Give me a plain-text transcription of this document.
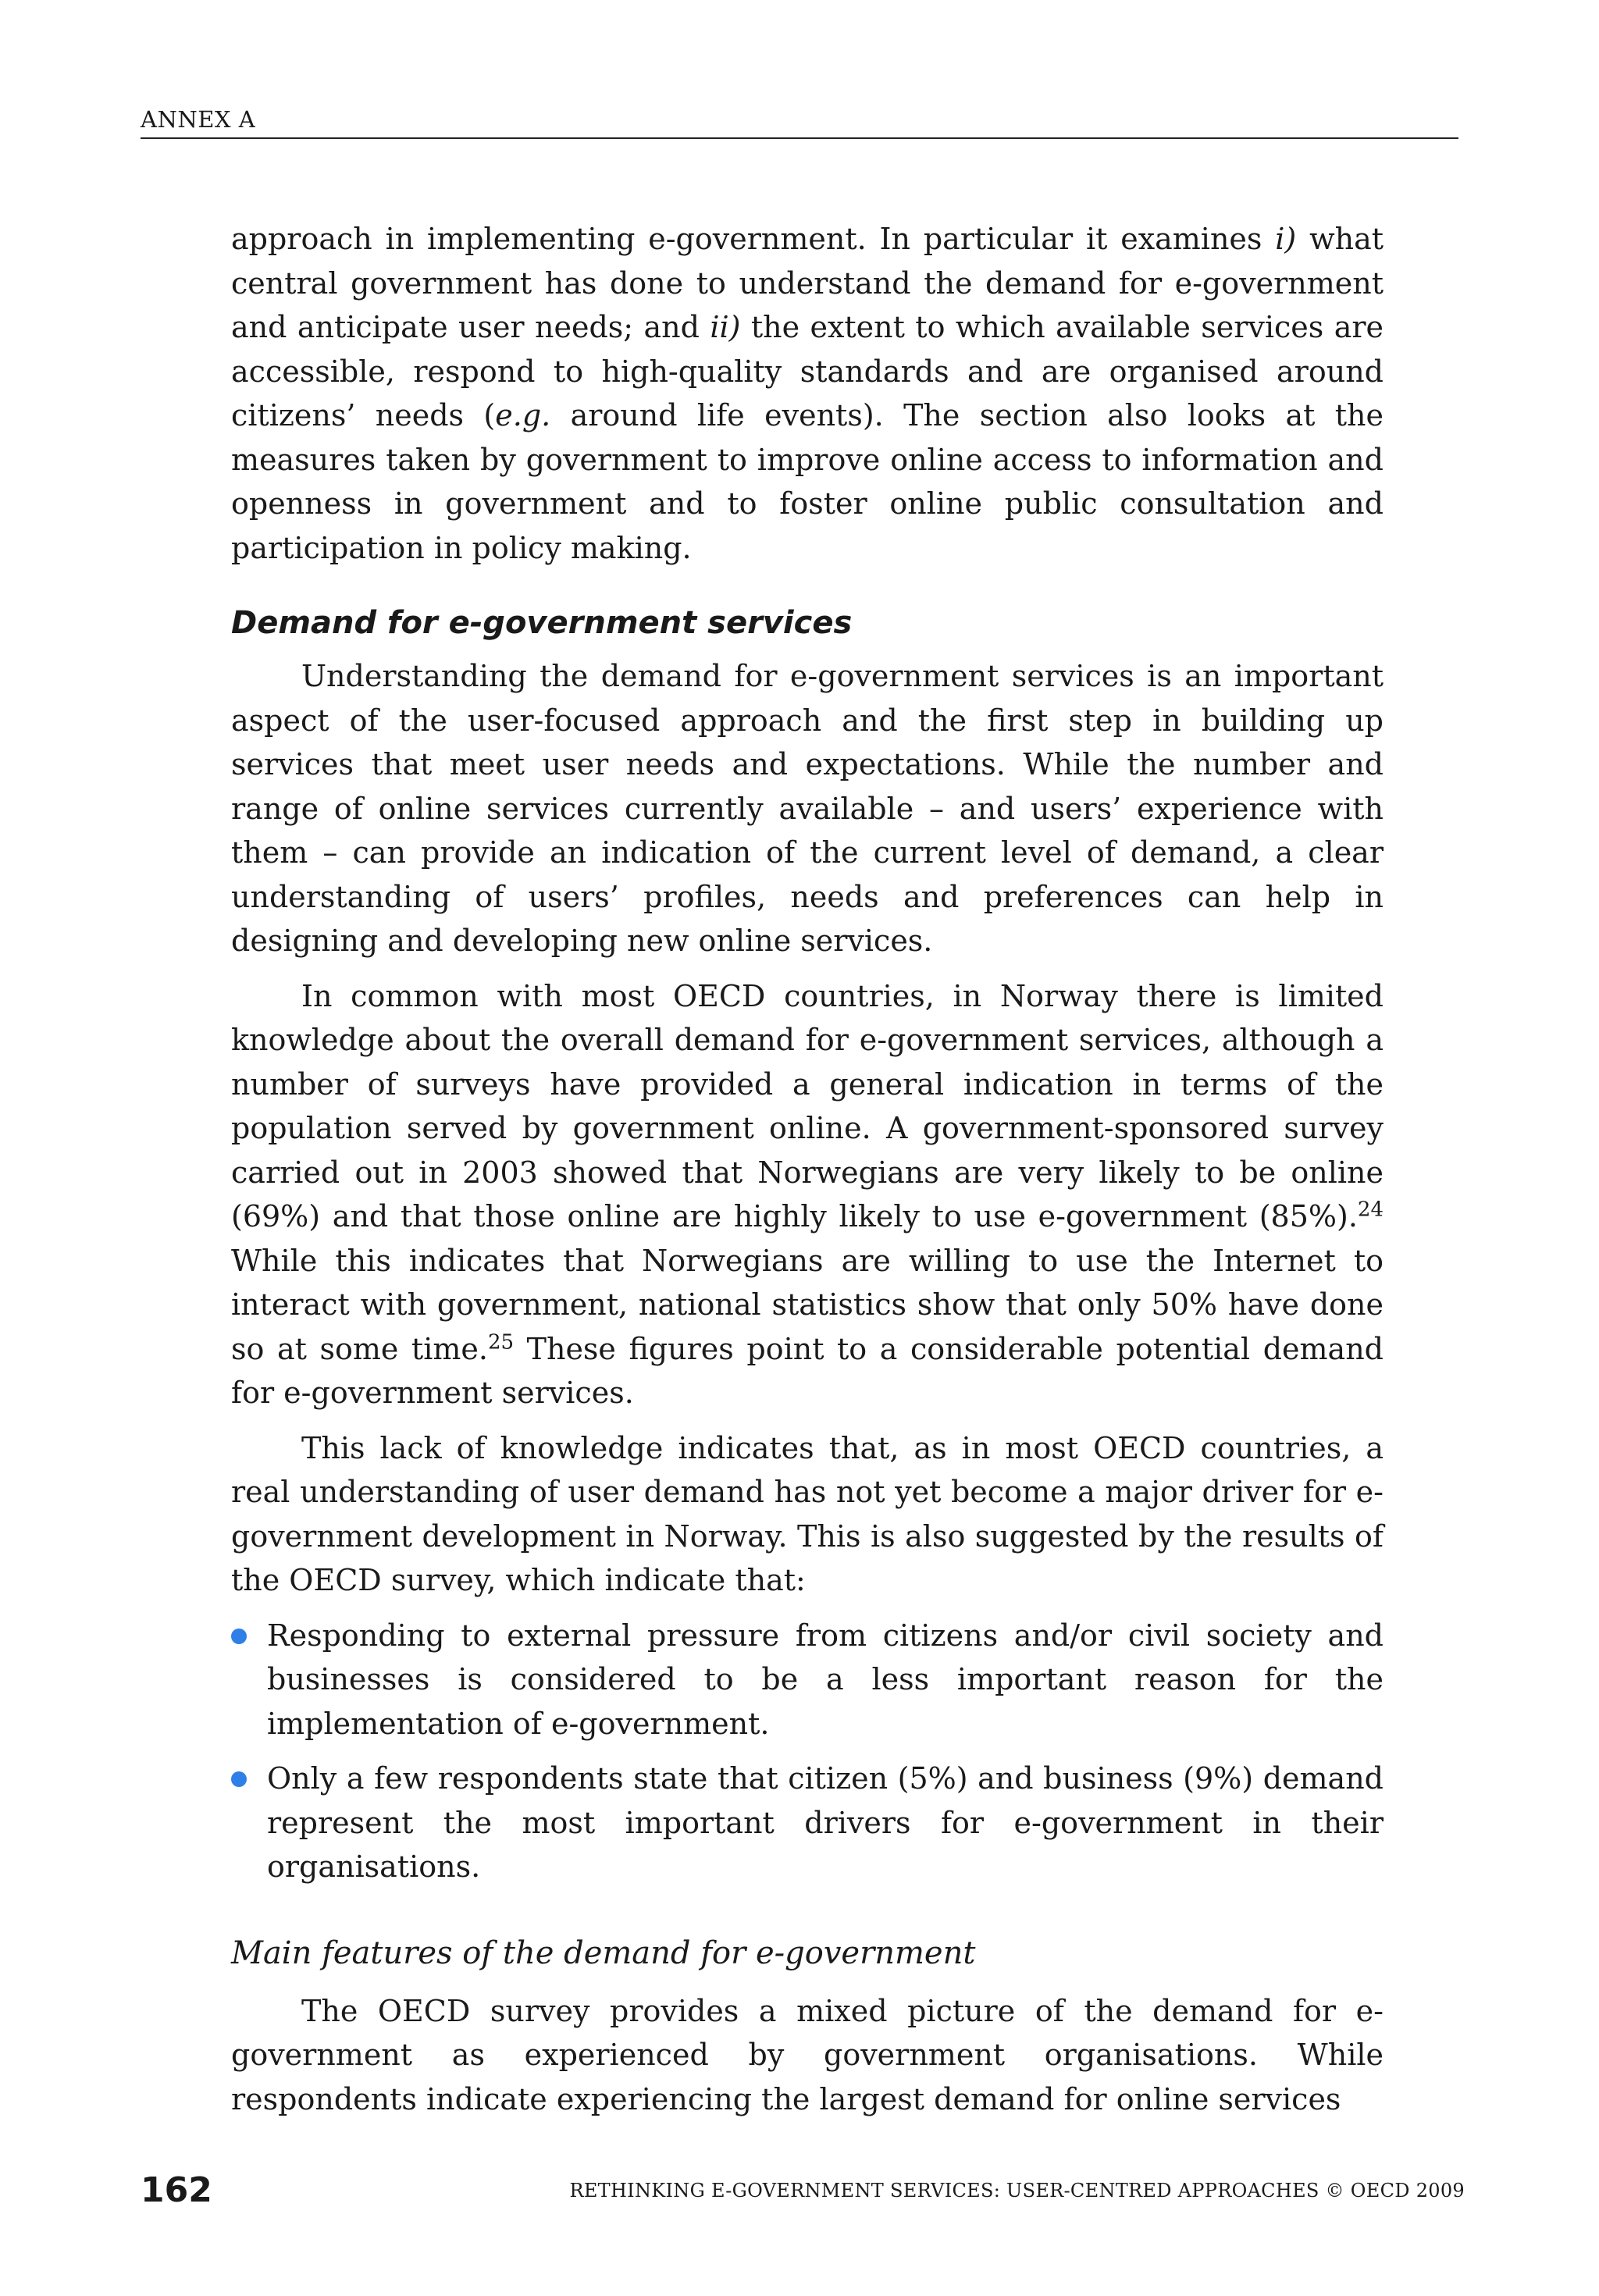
ANNEX A

approach in implementing e-government. In particular it examines i) what central government has done to understand the demand for e-government and anticipate user needs; and ii) the extent to which available services are accessible, respond to high-quality standards and are organised around citizens’ needs (e.g. around life events). The section also looks at the measures taken by government to improve online access to information and openness in government and to foster online public consultation and participation in policy making.

Demand for e-government services

Understanding the demand for e-government services is an important aspect of the user-focused approach and the first step in building up services that meet user needs and expectations. While the number and range of online services currently available – and users’ experience with them – can provide an indication of the current level of demand, a clear understanding of users’ profiles, needs and preferences can help in designing and developing new online services.

In common with most OECD countries, in Norway there is limited knowledge about the overall demand for e-government services, although a number of surveys have provided a general indication in terms of the population served by government online. A government-sponsored survey carried out in 2003 showed that Norwegians are very likely to be online (69%) and that those online are highly likely to use e-government (85%).$^{24}$ While this indicates that Norwegians are willing to use the Internet to interact with government, national statistics show that only 50% have done so at some time.$^{25}$ These figures point to a considerable potential demand for e-government services.

This lack of knowledge indicates that, as in most OECD countries, a real understanding of user demand has not yet become a major driver for e-government development in Norway. This is also suggested by the results of the OECD survey, which indicate that:

Responding to external pressure from citizens and/or civil society and businesses is considered to be a less important reason for the implementation of e-government.
Only a few respondents state that citizen (5%) and business (9%) demand represent the most important drivers for e-government in their organisations.
Main features of the demand for e-government

The OECD survey provides a mixed picture of the demand for e-government as experienced by government organisations. While respondents indicate experiencing the largest demand for online services

162	RETHINKING E-GOVERNMENT SERVICES: USER-CENTRED APPROACHES © OECD 2009
